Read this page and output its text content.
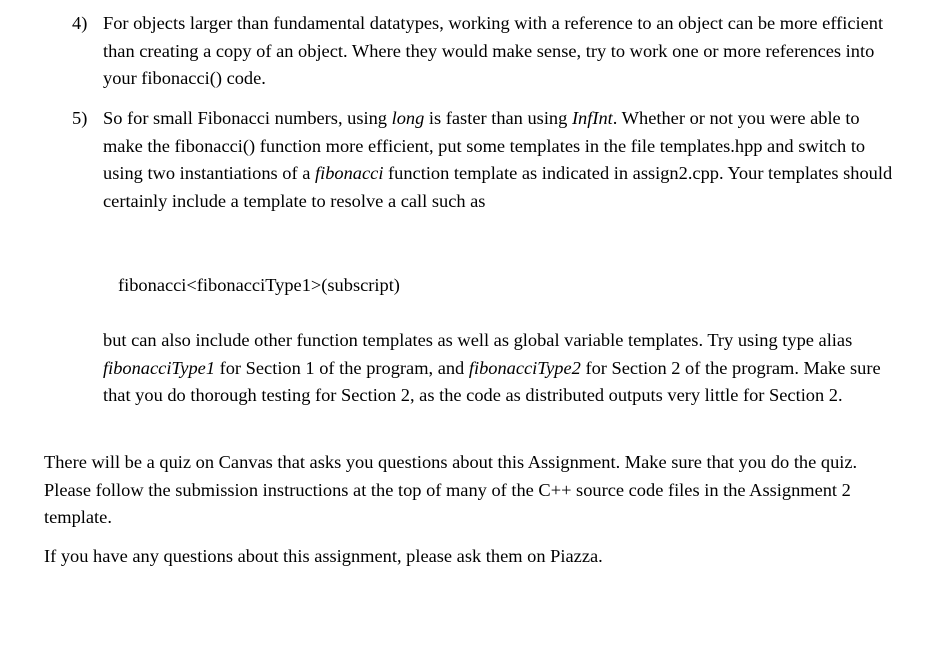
4) For objects larger than fundamental datatypes, working with a reference to an object can be more efficient than creating a copy of an object. Where they would make sense, try to work one or more references into your fibonacci() code.

5) So for small Fibonacci numbers, using long is faster than using InfInt. Whether or not you were able to make the fibonacci() function more efficient, put some templates in the file templates.hpp and switch to using two instantiations of a fibonacci function template as indicated in assign2.cpp. Your templates should certainly include a template to resolve a call such as

fibonacci<fibonacciType1>(subscript)

but can also include other function templates as well as global variable templates. Try using type alias fibonacciType1 for Section 1 of the program, and fibonacciType2 for Section 2 of the program. Make sure that you do thorough testing for Section 2, as the code as distributed outputs very little for Section 2.

There will be a quiz on Canvas that asks you questions about this Assignment. Make sure that you do the quiz. Please follow the submission instructions at the top of many of the C++ source code files in the Assignment 2 template.

If you have any questions about this assignment, please ask them on Piazza.
